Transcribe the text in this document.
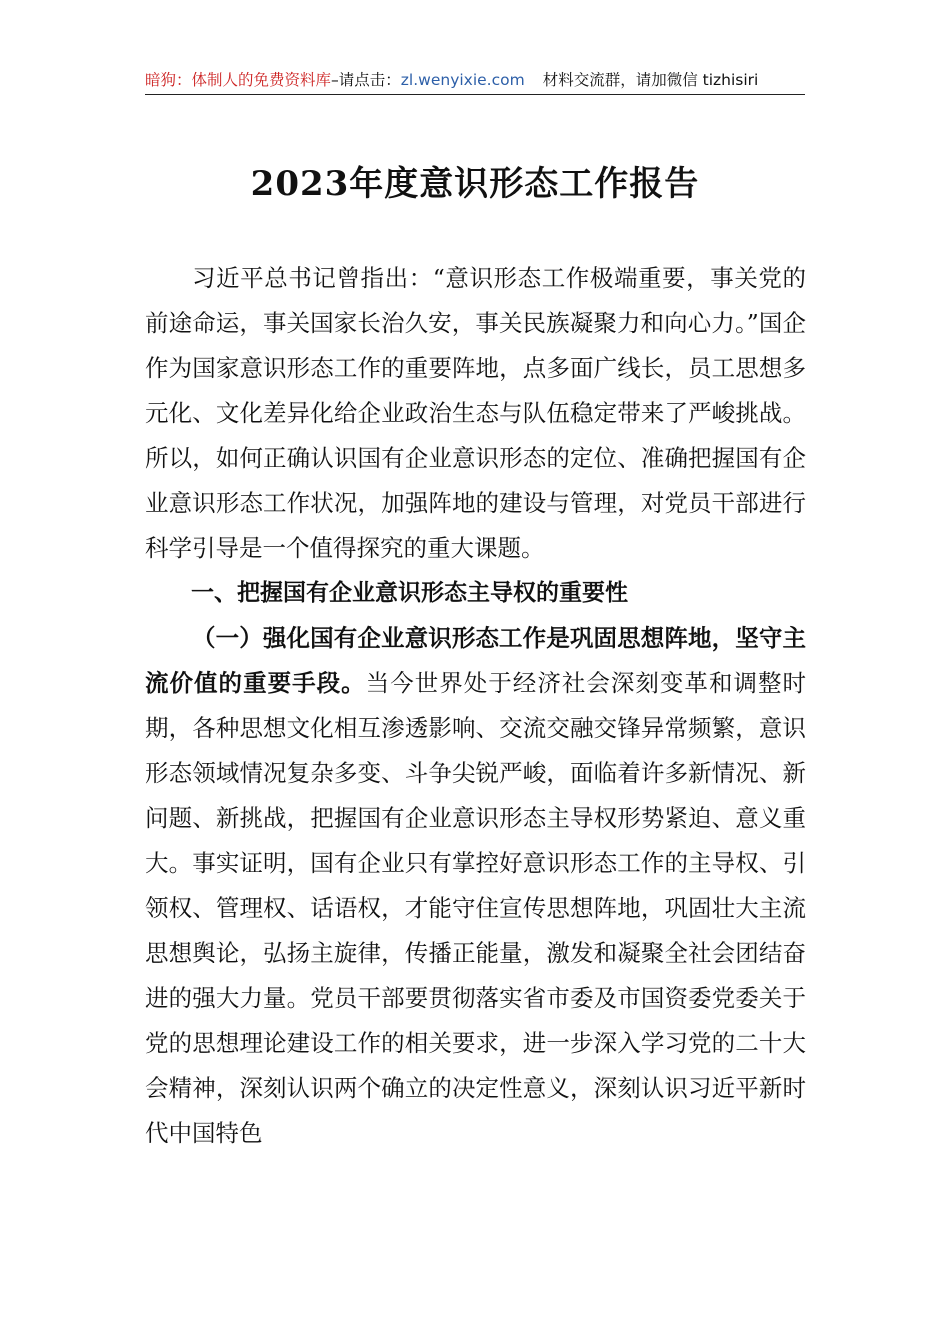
暗狗：体制人的免费资料库–请点击：zl.wenyixie.com 材料交流群，请加微信 tizhisiri
2023年度意识形态工作报告

习近平总书记曾指出：“意识形态工作极端重要，事关党的前途命运，事关国家长治久安，事关民族凝聚力和向心力。”国企作为国家意识形态工作的重要阵地，点多面广线长，员工思想多元化、文化差异化给企业政治生态与队伍稳定带来了严峻挑战。所以，如何正确认识国有企业意识形态的定位、准确把握国有企业意识形态工作状况，加强阵地的建设与管理，对党员干部进行科学引导是一个值得探究的重大课题。

一、把握国有企业意识形态主导权的重要性

（一）强化国有企业意识形态工作是巩固思想阵地，坚守主流价值的重要手段。当今世界处于经济社会深刻变革和调整时期，各种思想文化相互渗透影响、交流交融交锋异常频繁，意识形态领域情况复杂多变、斗争尖锐严峻，面临着许多新情况、新问题、新挑战，把握国有企业意识形态主导权形势紧迫、意义重大。事实证明，国有企业只有掌控好意识形态工作的主导权、引领权、管理权、话语权，才能守住宣传思想阵地，巩固壮大主流思想舆论，弘扬主旋律，传播正能量，激发和凝聚全社会团结奋进的强大力量。党员干部要贯彻落实省市委及市国资委党委关于党的思想理论建设工作的相关要求，进一步深入学习党的二十大会精神，深刻认识两个确立的决定性意义，深刻认识习近平新时代中国特色
